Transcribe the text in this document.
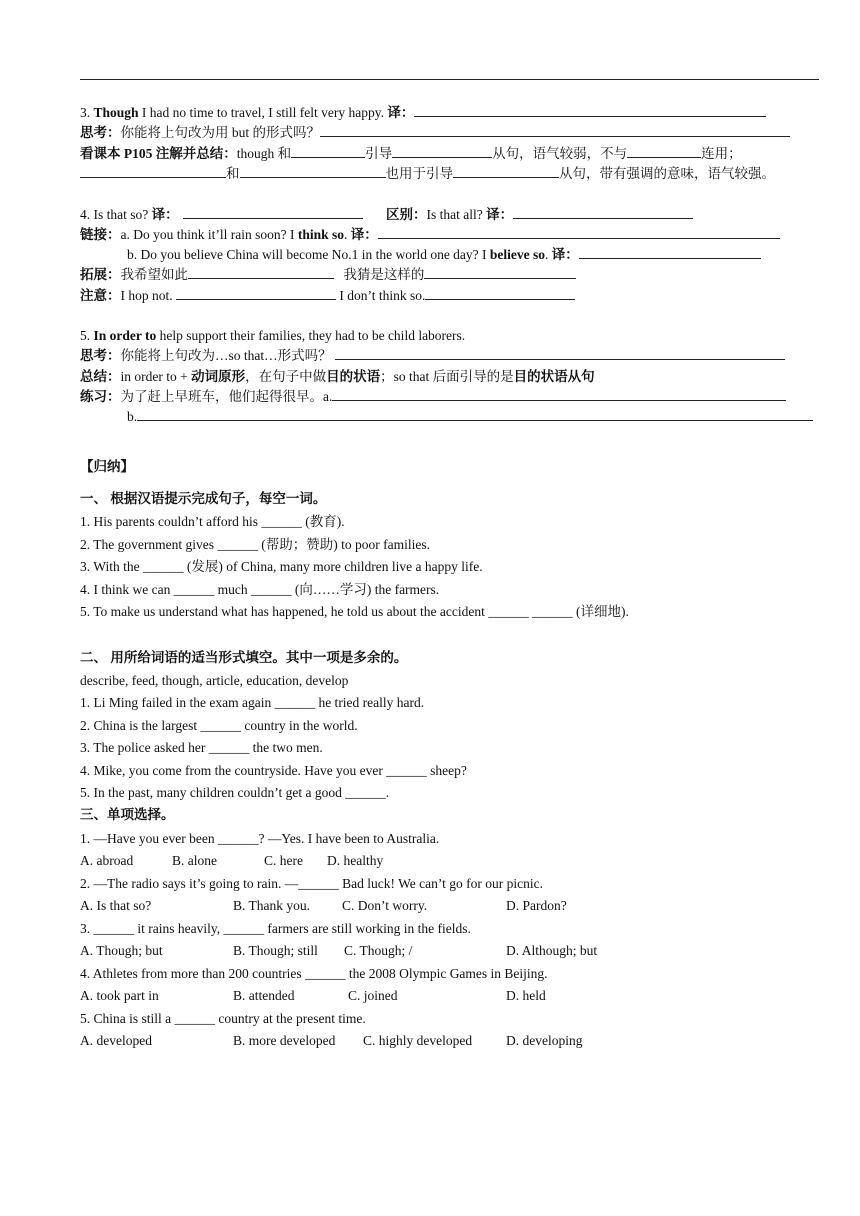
3. Though I had no time to travel, I still felt very happy. 译：
思考：你能将上句改为用 but 的形式吗？
看课本 P105 注解并总结：though 和	引导	从句，语气较弱，不与	连用；
和	也用于引导	从句，带有强调的意味，语气较强。
4. Is that so? 译：	区别：Is that all? 译：
链接：a. Do you think it’ll rain soon? I think so. 译：
b. Do you believe China will become No.1 in the world one day? I believe so. 译：
拓展：我希望如此	我猜是这样的
注意：I hop not.	I don’t think so.
5. In order to help support their families, they had to be child laborers.
思考：你能将上句改为…so that…形式吗？
总结：in order to + 动词原形，在句子中做目的状语；so that 后面引导的是目的状语从句
练习：为了赶上早班车，他们起得很早。a.
b.
【归纳】
一、 根据汉语提示完成句子，每空一词。
1. His parents couldn’t afford his ______ (教育).
2. The government gives ______ (帮助；赞助) to poor families.
3. With the ______ (发展) of China, many more children live a happy life.
4. I think we can ______ much ______ (向……学习) the farmers.
5. To make us understand what has happened, he told us about the accident ______ ______ (详细地).
二、 用所给词语的适当形式填空。其中一项是多余的。
describe, feed, though, article, education, develop
1. Li Ming failed in the exam again ______ he tried really hard.
2. China is the largest ______ country in the world.
3. The police asked her ______ the two men.
4. Mike, you come from the countryside. Have you ever ______ sheep?
5. In the past, many children couldn’t get a good ______.
三、单项选择。
1. —Have you ever been ______? —Yes. I have been to Australia.
A. abroad	B. alone	C. here D. healthy
2. —The radio says it’s going to rain. —______ Bad luck! We can’t go for our picnic.
A. Is that so?	B. Thank you. C. Don’t worry.	D. Pardon?
3. ______ it rains heavily, ______ farmers are still working in the fields.
A. Though; but	B. Though; still C. Though; /	D. Although; but
4. Athletes from more than 200 countries ______ the 2008 Olympic Games in Beijing.
A. took part in	B. attended	C. joined	D. held
5. China is still a ______ country at the present time.
A. developed	B. more developed C. highly developed	D. developing
